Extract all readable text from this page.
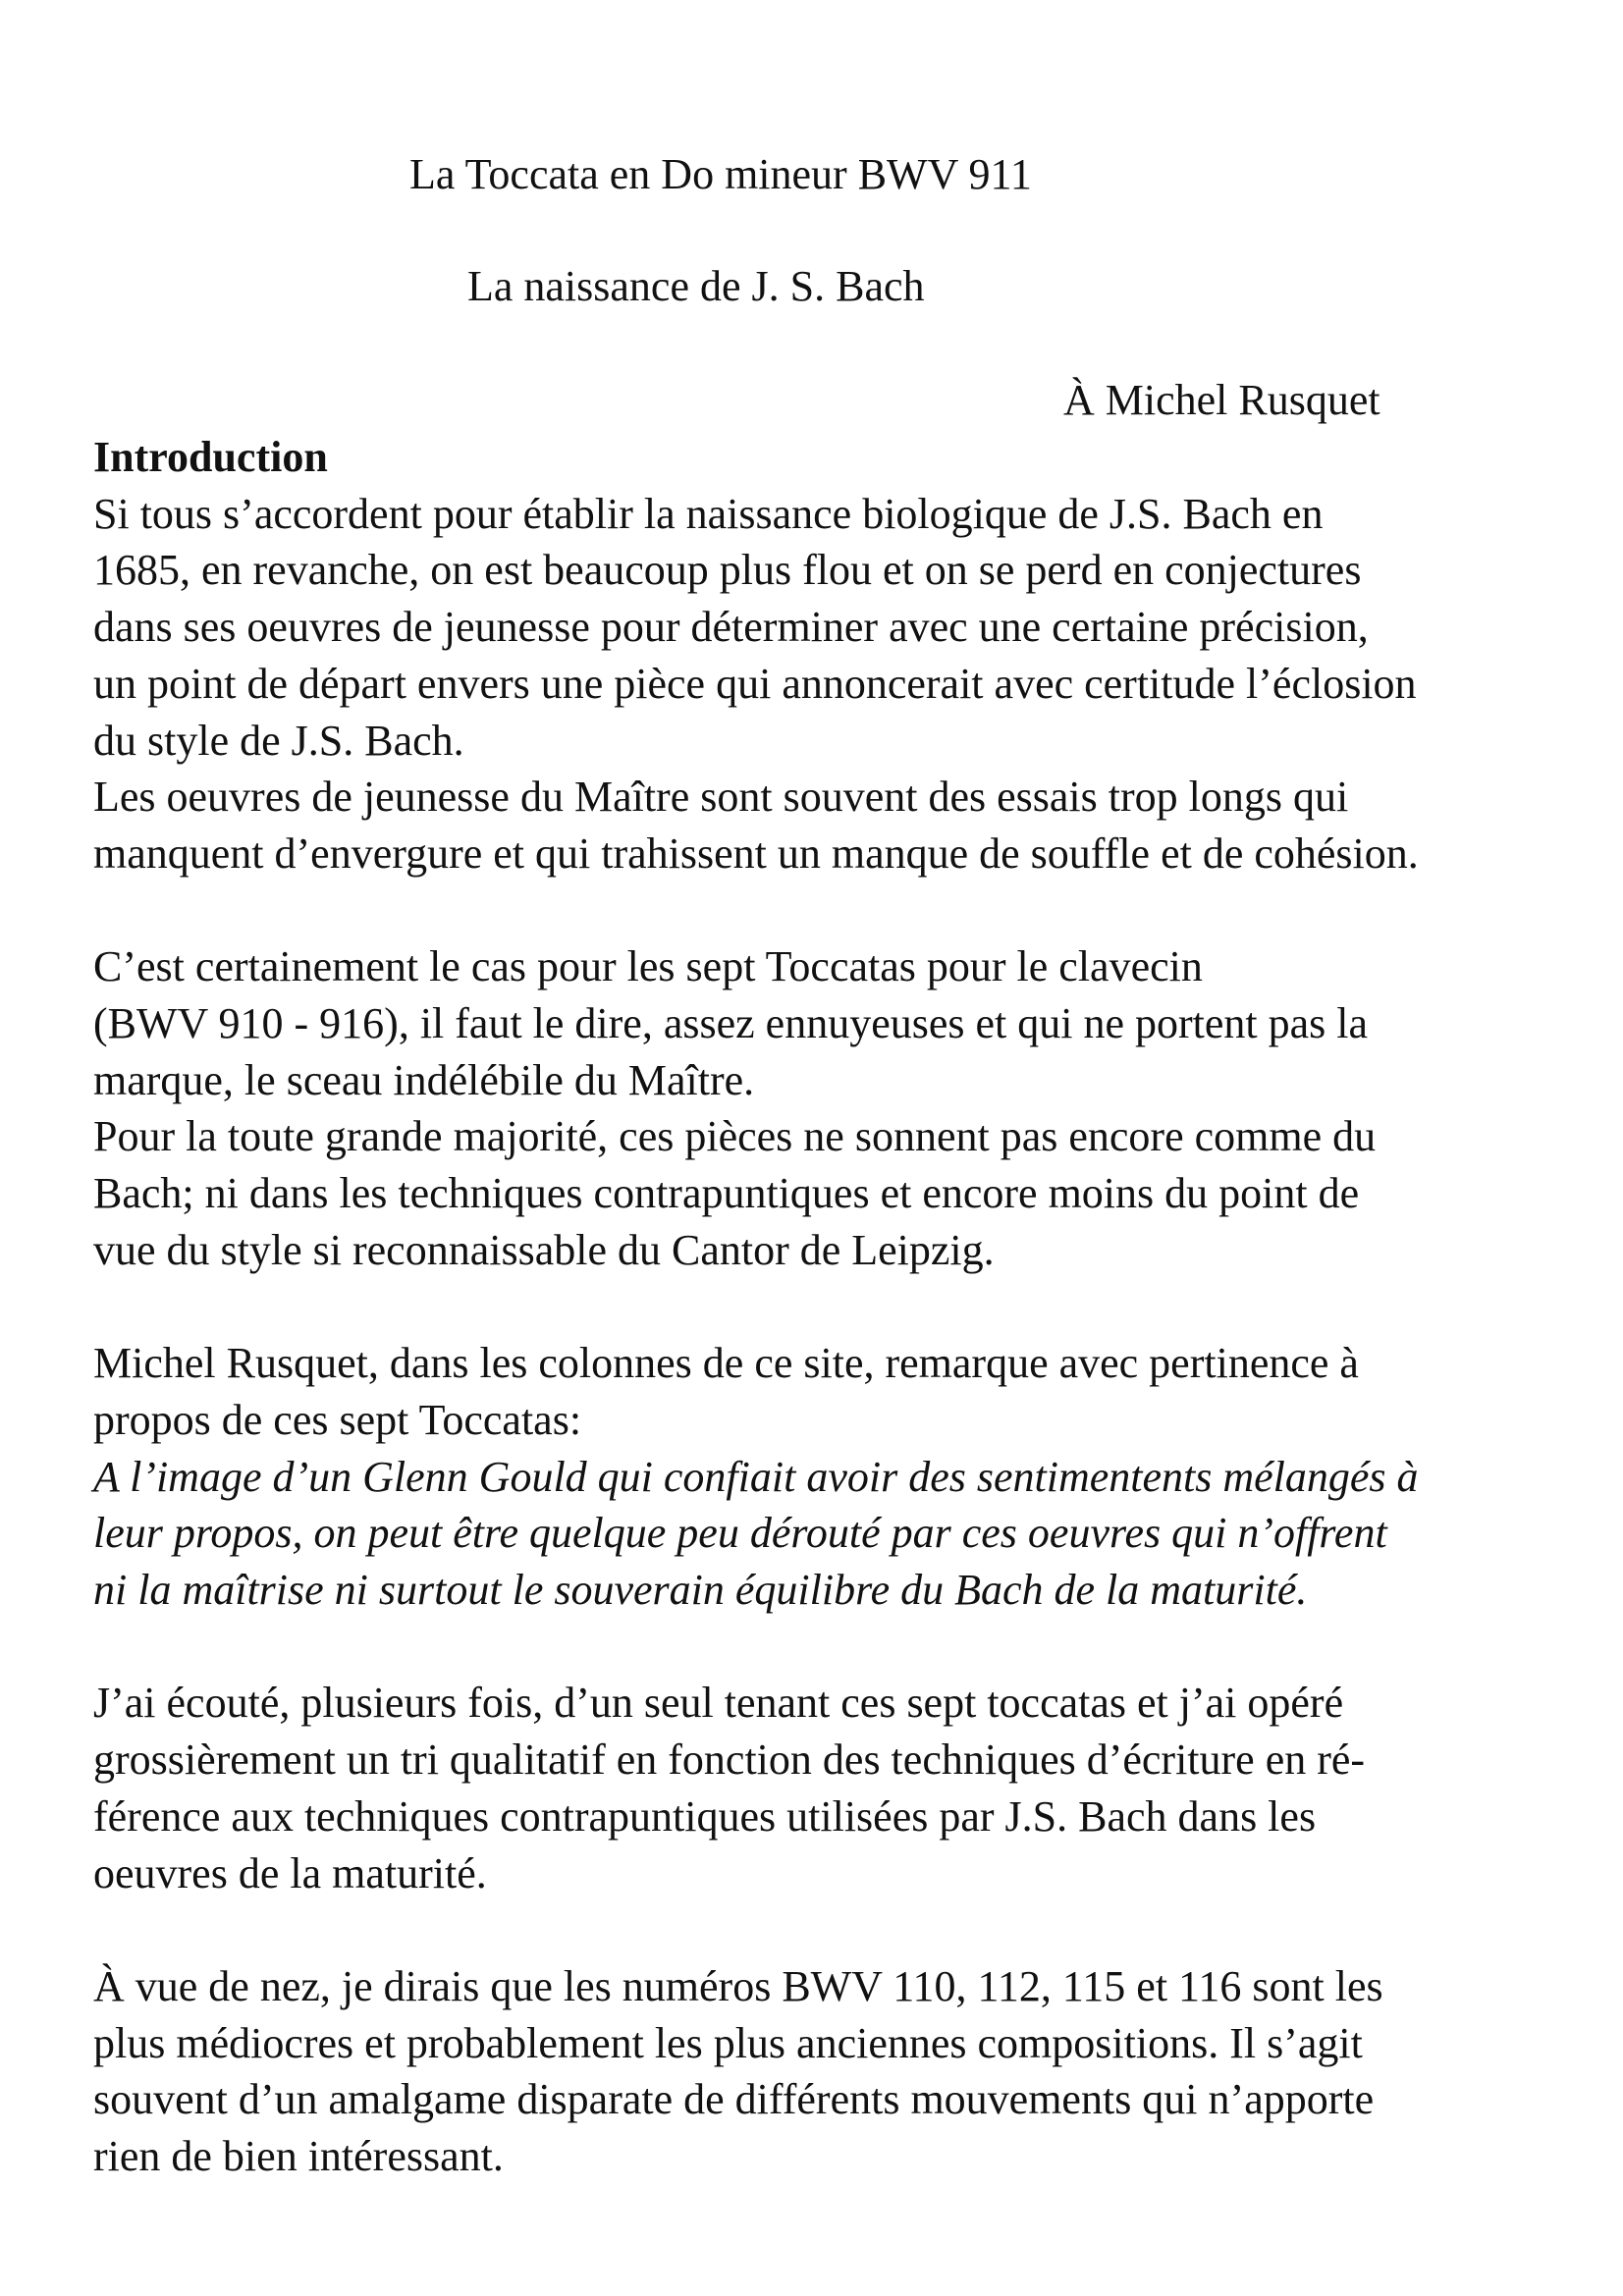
La Toccata en Do mineur BWV 911
La naissance de J. S. Bach
À Michel Rusquet
Introduction
Si tous s’accordent pour établir la naissance biologique de J.S. Bach en
1685, en revanche, on est beaucoup plus flou et on se perd en conjectures
dans ses oeuvres de jeunesse pour déterminer avec une certaine précision,
un point de départ envers une pièce qui annoncerait avec certitude l’éclosion
du style de J.S. Bach.
Les oeuvres de jeunesse du Maître sont souvent des essais trop longs qui
manquent d’envergure et qui trahissent un manque de souffle et de cohésion.
C’est certainement le cas pour les sept Toccatas pour le clavecin
(BWV 910 - 916), il faut le dire, assez ennuyeuses et qui ne portent pas la
marque, le sceau indélébile du Maître.
Pour la toute grande majorité, ces pièces ne sonnent pas encore comme du
Bach; ni dans les techniques contrapuntiques et encore moins du point de
vue du style si reconnaissable du Cantor de Leipzig.
Michel Rusquet, dans les colonnes de ce site, remarque avec pertinence à
propos de ces sept Toccatas:
A l’image d’un Glenn Gould qui confiait avoir des sentimentents mélangés à
leur propos, on peut être quelque peu dérouté par ces oeuvres qui n’offrent
ni la maîtrise ni surtout le souverain équilibre du Bach de la maturité.
J’ai écouté, plusieurs fois, d’un seul tenant ces sept toccatas et j’ai opéré
grossièrement un tri qualitatif en fonction des techniques d’écriture en ré-
férence aux techniques contrapuntiques utilisées par J.S. Bach dans les
oeuvres de la maturité.
À vue de nez, je dirais que les numéros BWV 110, 112, 115 et 116 sont les
plus médiocres et probablement les plus anciennes compositions. Il s’agit
souvent d’un amalgame disparate de différents mouvements qui n’apporte
rien de bien intéressant.
